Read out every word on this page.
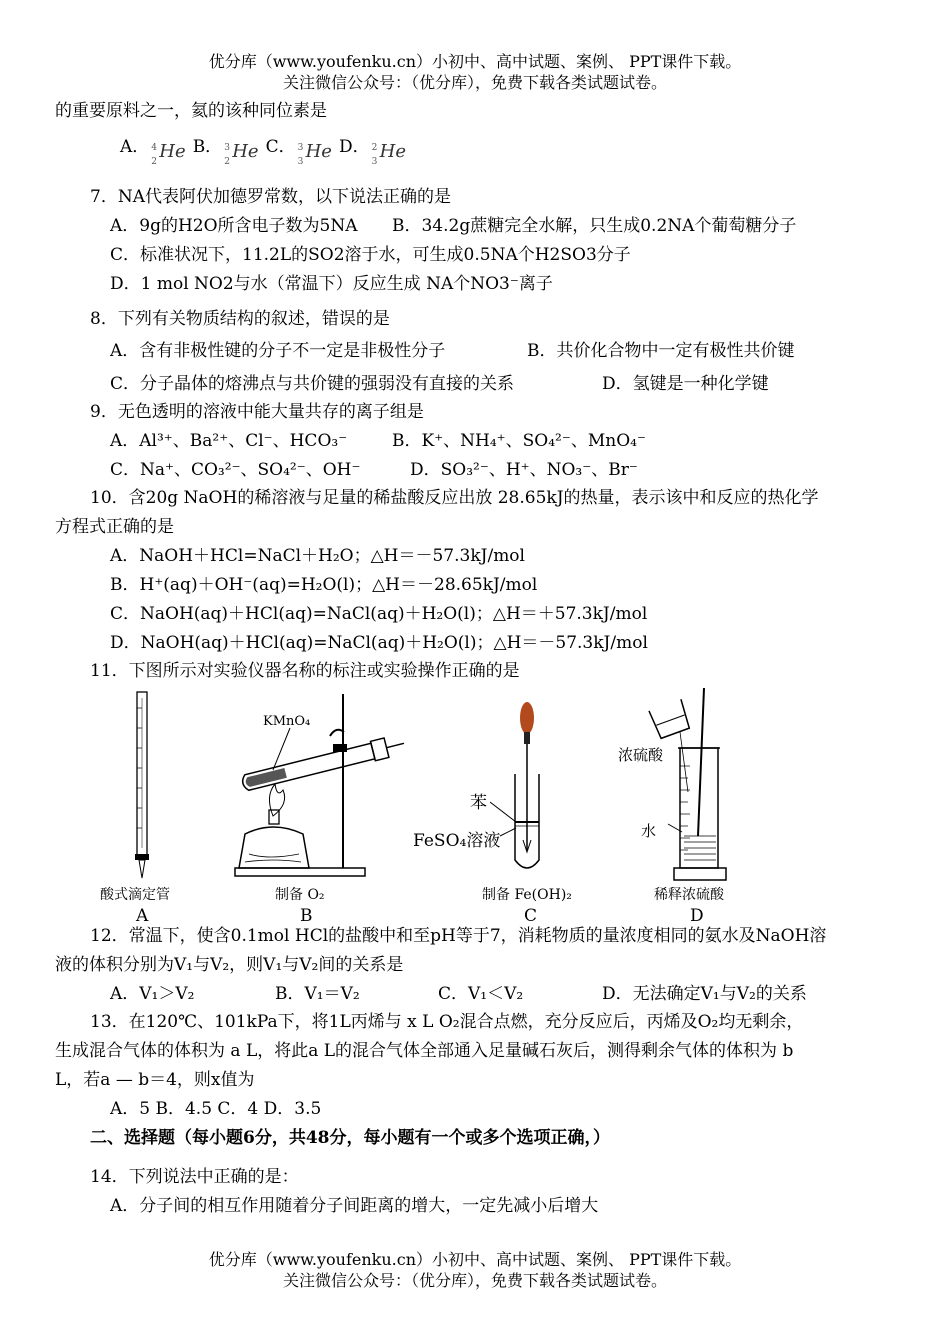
优分库（www.youfenku.cn）小初中、高中试题、案例、 PPT课件下载。
关注微信公众号：（优分库），免费下载各类试题试卷。
的重要原料之一，氦的该种同位素是
A． 4
2 He B． 3
2 He C． 3
3 He D． 2
3 He
7．NA代表阿伏加德罗常数，以下说法正确的是
A．9g的H2O所含电子数为5NA B．34.2g蔗糖完全水解，只生成0.2NA个葡萄糖分子
C．标准状况下，11.2L的SO2溶于水，可生成0.5NA个H2SO3分子
D．1 mol NO2与水（常温下）反应生成 NA个NO3⁻离子
8．下列有关物质结构的叙述，错误的是
A．含有非极性键的分子不一定是非极性分子	B．共价化合物中一定有极性共价键
C．分子晶体的熔沸点与共价键的强弱没有直接的关系	D．氢键是一种化学键
9．无色透明的溶液中能大量共存的离子组是
A．Al³⁺、Ba²⁺、Cl⁻、HCO₃⁻	B．K⁺、NH₄⁺、SO₄²⁻、MnO₄⁻
C．Na⁺、CO₃²⁻、SO₄²⁻、OH⁻	D．SO₃²⁻、H⁺、NO₃⁻、Br⁻
10．含20g NaOH的稀溶液与足量的稀盐酸反应出放 28.65kJ的热量，表示该中和反应的热化学
方程式正确的是
A．NaOH＋HCl=NaCl＋H₂O；△H＝－57.3kJ/mol
B．H⁺(aq)＋OH⁻(aq)=H₂O(l)；△H＝－28.65kJ/mol
C．NaOH(aq)＋HCl(aq)=NaCl(aq)＋H₂O(l)；△H＝＋57.3kJ/mol
D．NaOH(aq)＋HCl(aq)=NaCl(aq)＋H₂O(l)；△H＝－57.3kJ/mol
11．下图所示对实验仪器名称的标注或实验操作正确的是
酸式滴定管
A
KMnO₄
制备 O₂
B
苯
FeSO₄溶液
制备 Fe(OH)₂
C
浓硫酸
水
稀释浓硫酸
D
12．常温下，使含0.1mol HCl的盐酸中和至pH等于7，消耗物质的量浓度相同的氨水及NaOH溶
液的体积分别为V₁与V₂，则V₁与V₂间的关系是
A．V₁＞V₂	B．V₁＝V₂	C．V₁＜V₂	D．无法确定V₁与V₂的关系
13．在120℃、101kPa下，将1L丙烯与 x L O₂混合点燃，充分反应后，丙烯及O₂均无剩余，
生成混合气体的体积为 a L，将此a L的混合气体全部通入足量碱石灰后，测得剩余气体的体积为 b
L，若a — b＝4，则x值为
A．5 B．4.5 C．4 D．3.5
二、选择题（每小题6分，共48分，每小题有一个或多个选项正确，）
14．下列说法中正确的是：
A．分子间的相互作用随着分子间距离的增大，一定先减小后增大
优分库（www.youfenku.cn）小初中、高中试题、案例、 PPT课件下载。
关注微信公众号：（优分库），免费下载各类试题试卷。
